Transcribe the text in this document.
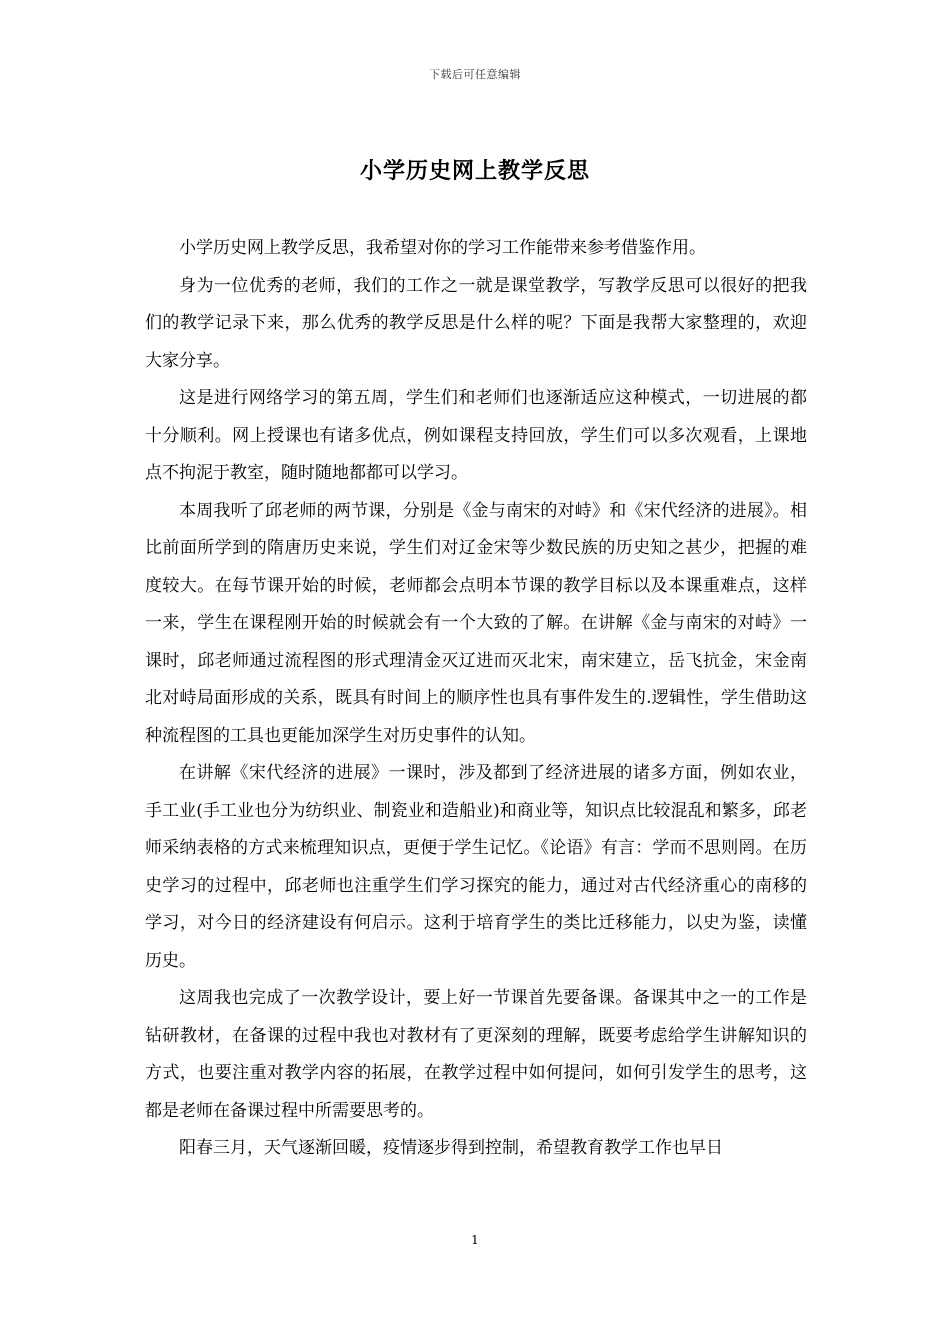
下载后可任意编辑
小学历史网上教学反思

小学历史网上教学反思，我希望对你的学习工作能带来参考借鉴作用。

身为一位优秀的老师，我们的工作之一就是课堂教学，写教学反思可以很好的把我们的教学记录下来，那么优秀的教学反思是什么样的呢？下面是我帮大家整理的，欢迎大家分享。

这是进行网络学习的第五周，学生们和老师们也逐渐适应这种模式，一切进展的都十分顺利。网上授课也有诸多优点，例如课程支持回放，学生们可以多次观看，上课地点不拘泥于教室，随时随地都都可以学习。

本周我听了邱老师的两节课，分别是《金与南宋的对峙》和《宋代经济的进展》。相比前面所学到的隋唐历史来说，学生们对辽金宋等少数民族的历史知之甚少，把握的难度较大。在每节课开始的时候，老师都会点明本节课的教学目标以及本课重难点，这样一来，学生在课程刚开始的时候就会有一个大致的了解。在讲解《金与南宋的对峙》一课时，邱老师通过流程图的形式理清金灭辽进而灭北宋，南宋建立，岳飞抗金，宋金南北对峙局面形成的关系，既具有时间上的顺序性也具有事件发生的.逻辑性，学生借助这种流程图的工具也更能加深学生对历史事件的认知。

在讲解《宋代经济的进展》一课时，涉及都到了经济进展的诸多方面，例如农业，手工业(手工业也分为纺织业、制瓷业和造船业)和商业等，知识点比较混乱和繁多，邱老师采纳表格的方式来梳理知识点，更便于学生记忆。《论语》有言：学而不思则罔。在历史学习的过程中，邱老师也注重学生们学习探究的能力，通过对古代经济重心的南移的学习，对今日的经济建设有何启示。这利于培育学生的类比迁移能力，以史为鉴，读懂历史。

这周我也完成了一次教学设计，要上好一节课首先要备课。备课其中之一的工作是钻研教材，在备课的过程中我也对教材有了更深刻的理解，既要考虑给学生讲解知识的方式，也要注重对教学内容的拓展，在教学过程中如何提问，如何引发学生的思考，这都是老师在备课过程中所需要思考的。

阳春三月，天气逐渐回暖，疫情逐步得到控制，希望教育教学工作也早日

1
